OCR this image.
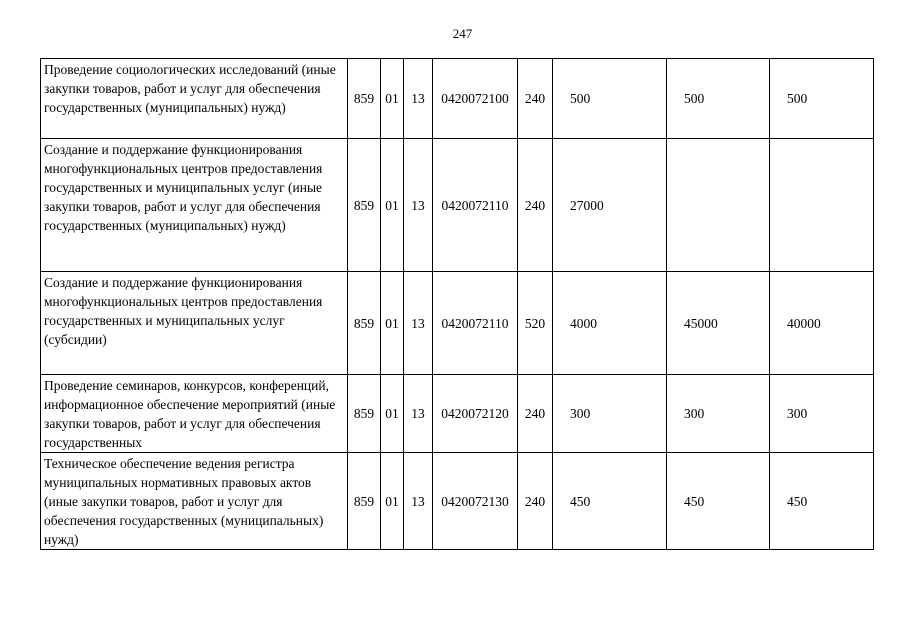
247
Проведение социологических исследований (иные закупки товаров, работ и услуг для обеспечения государственных (муниципальных) нужд)	859	01	13	0420072100	240	500	500	500
Создание и поддержание функционирования многофункциональных центров предоставления государственных и муниципальных услуг (иные закупки товаров, работ и услуг для обеспечения государственных (муниципальных) нужд)	859	01	13	0420072110	240	27000		
Создание и поддержание функционирования многофункциональных центров предоставления государственных и муниципальных услуг (субсидии)	859	01	13	0420072110	520	4000	45000	40000
Проведение семинаров, конкурсов, конференций, информационное обеспечение мероприятий (иные закупки товаров, работ и услуг для обеспечения государственных	859	01	13	0420072120	240	300	300	300
Техническое обеспечение ведения регистра муниципальных нормативных правовых актов (иные закупки товаров, работ и услуг для обеспечения государственных (муниципальных) нужд)	859	01	13	0420072130	240	450	450	450
